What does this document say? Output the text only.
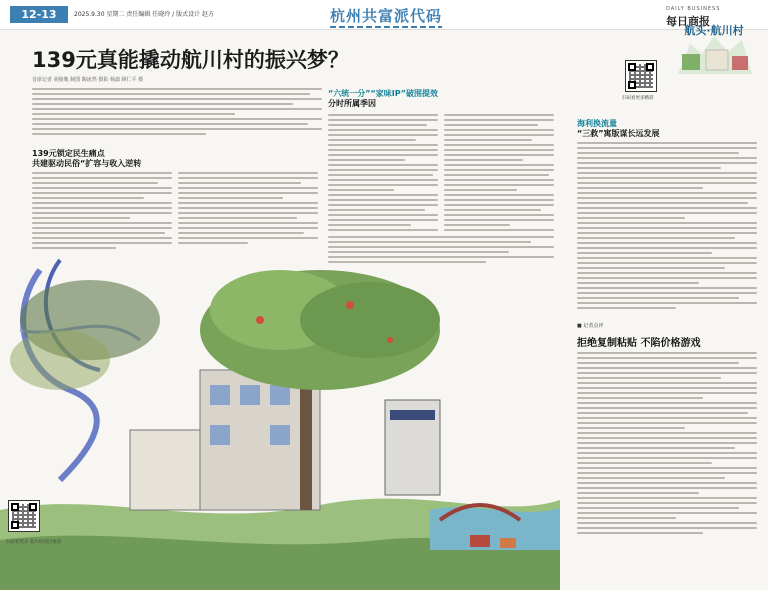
12-13	2025.9.30 星期二 责任编辑 任晓玲 / 版式设计 赵方	杭州共富派代码	DAILY BUSINESS
每日商报
航头·航川村
139元真能撬动航川村的振兴梦？
首席记者 胡俊胤 制图 陶冰然 摄影 杨凛 顾仁平 摄
139元锁定民生痛点
共建驱动民俗“扩容与收入逆转
“六统一分”“家味IP”破围提效
分时所属季因
扫码看更多精彩
海利换流量
“三救”寓版谋长远发展
■ 记者点评
拒绝复制粘贴 不陷价格游戏
扫码看更多 航川村项目推荐
